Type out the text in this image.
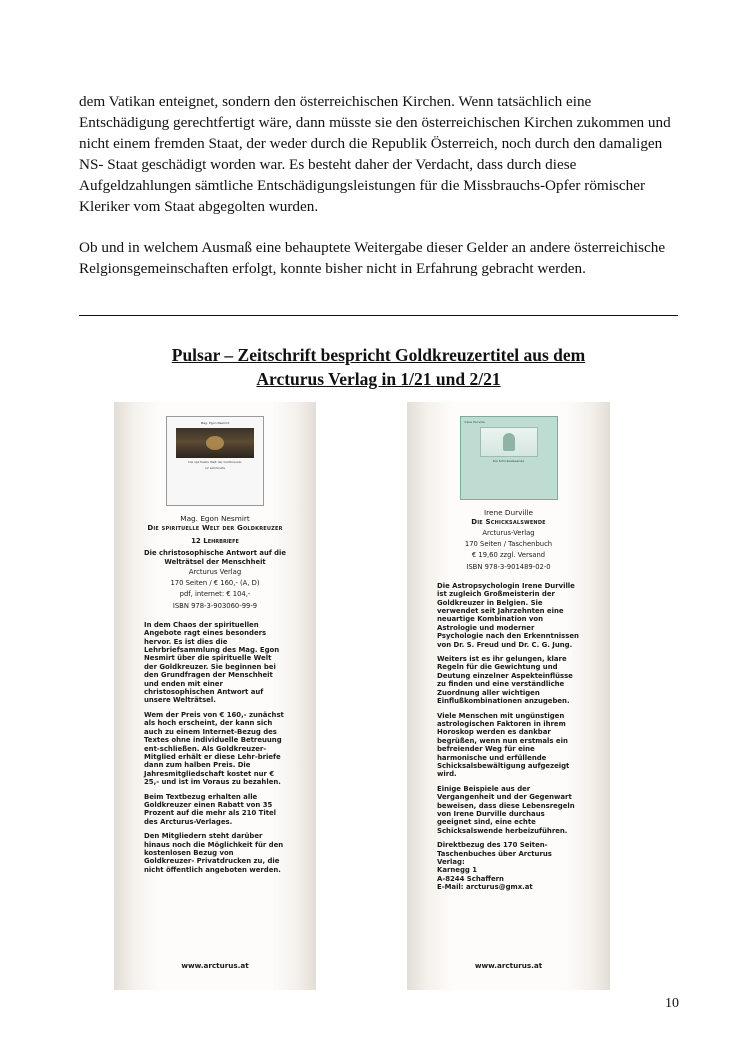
dem Vatikan enteignet, sondern den österreichischen Kirchen. Wenn tatsächlich eine Entschädigung gerechtfertigt wäre, dann müsste sie den österreichischen Kirchen zukommen und nicht einem fremden Staat, der weder durch die Republik Österreich, noch durch den damaligen NS- Staat geschädigt worden war. Es besteht daher der Verdacht, dass durch diese Aufgeldzahlungen sämtliche Entschädigungsleistungen für die Missbrauchs-Opfer römischer Kleriker vom Staat abgegolten wurden.

Ob und in welchem Ausmaß eine behauptete Weitergabe dieser Gelder an andere österreichische Relgionsgemeinschaften erfolgt, konnte bisher nicht in Erfahrung gebracht werden.

Pulsar – Zeitschrift bespricht Goldkreuzertitel aus dem
Arcturus Verlag in 1/21 und 2/21
Mag. Egon Nesmirt
Die spirituelle Welt der Goldkreuzer
12 Lehrbriefe
Mag. Egon Nesmirt
Die spirituelle Welt der Goldkreuzer
12 Lehrbriefe
Die christosophische Antwort auf die Welträtsel der Menschheit
Arcturus Verlag
170 Seiten / € 160,- (A, D)
pdf, internet: € 104,-
ISBN 978-3-903060-99-9

In dem Chaos der spirituellen Angebote ragt eines besonders hervor. Es ist dies die Lehrbriefsammlung des Mag. Egon Nesmirt über die spirituelle Welt der Goldkreuzer. Sie beginnen bei den Grundfragen der Menschheit und enden mit einer christosophischen Antwort auf unsere Welträtsel.

Wem der Preis von € 160,- zunächst als hoch erscheint, der kann sich auch zu einem Internet-Bezug des Textes ohne individuelle Betreuung ent-schließen. Als Goldkreuzer- Mitglied erhält er diese Lehr-briefe dann zum halben Preis. Die Jahresmitgliedschaft kostet nur € 25,- und ist im Voraus zu bezahlen.

Beim Textbezug erhalten alle Goldkreuzer einen Rabatt von 35 Prozent auf die mehr als 210 Titel des Arcturus-Verlages.

Den Mitgliedern steht darüber hinaus noch die Möglichkeit für den kostenlosen Bezug von Goldkreuzer- Privatdrucken zu, die nicht öffentlich angeboten werden.

www.arcturus.at
Irene Durville
Die Schicksalswende
Irene Durville
Die Schicksalswende
Arcturus-Verlag
170 Seiten / Taschenbuch
€ 19,60 zzgl. Versand
ISBN 978-3-901489-02-0

Die Astropsychologin Irene Durville ist zugleich Großmeisterin der Goldkreuzer in Belgien. Sie verwendet seit Jahrzehnten eine neuartige Kombination von Astrologie und moderner Psychologie nach den Erkenntnissen von Dr. S. Freud und Dr. C. G. Jung.

Weiters ist es ihr gelungen, klare Regeln für die Gewichtung und Deutung einzelner Aspekteinflüsse zu finden und eine verständliche Zuordnung aller wichtigen Einflußkombinationen anzugeben.

Viele Menschen mit ungünstigen astrologischen Faktoren in ihrem Horoskop werden es dankbar begrüßen, wenn nun erstmals ein befreiender Weg für eine harmonische und erfüllende Schicksalsbewältigung aufgezeigt wird.

Einige Beispiele aus der Vergangenheit und der Gegenwart beweisen, dass diese Lebensregeln von Irene Durville durchaus geeignet sind, eine echte Schicksalswende herbeizuführen.

Direktbezug des 170 Seiten-Taschenbuches über Arcturus Verlag:
Karnegg 1
A-8244 Schaffern
E-Mail: arcturus@gmx.at

www.arcturus.at
10
